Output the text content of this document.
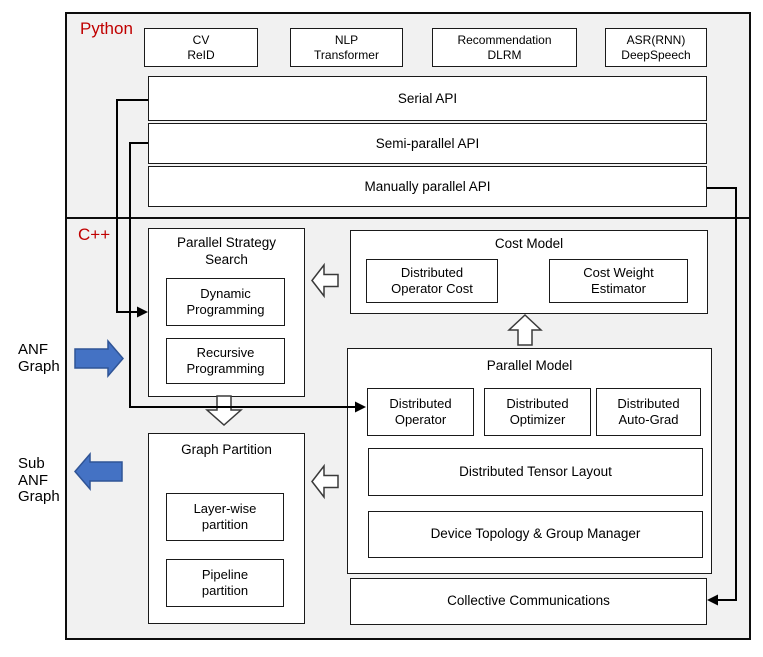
Python
C++
CV
ReID
NLP
Transformer
Recommendation
DLRM
ASR(RNN)
DeepSpeech
Serial API
Semi-parallel API
Manually parallel API
Parallel Strategy
Search
Dynamic
Programming
Recursive
Programming
Cost Model
Distributed
Operator Cost
Cost Weight
Estimator
Parallel Model
Distributed
Operator
Distributed
Optimizer
Distributed
Auto-Grad
Distributed Tensor Layout
Device Topology & Group Manager
Graph Partition
Layer-wise
partition
Pipeline
partition
Collective Communications
ANF
Graph
Sub
ANF
Graph
